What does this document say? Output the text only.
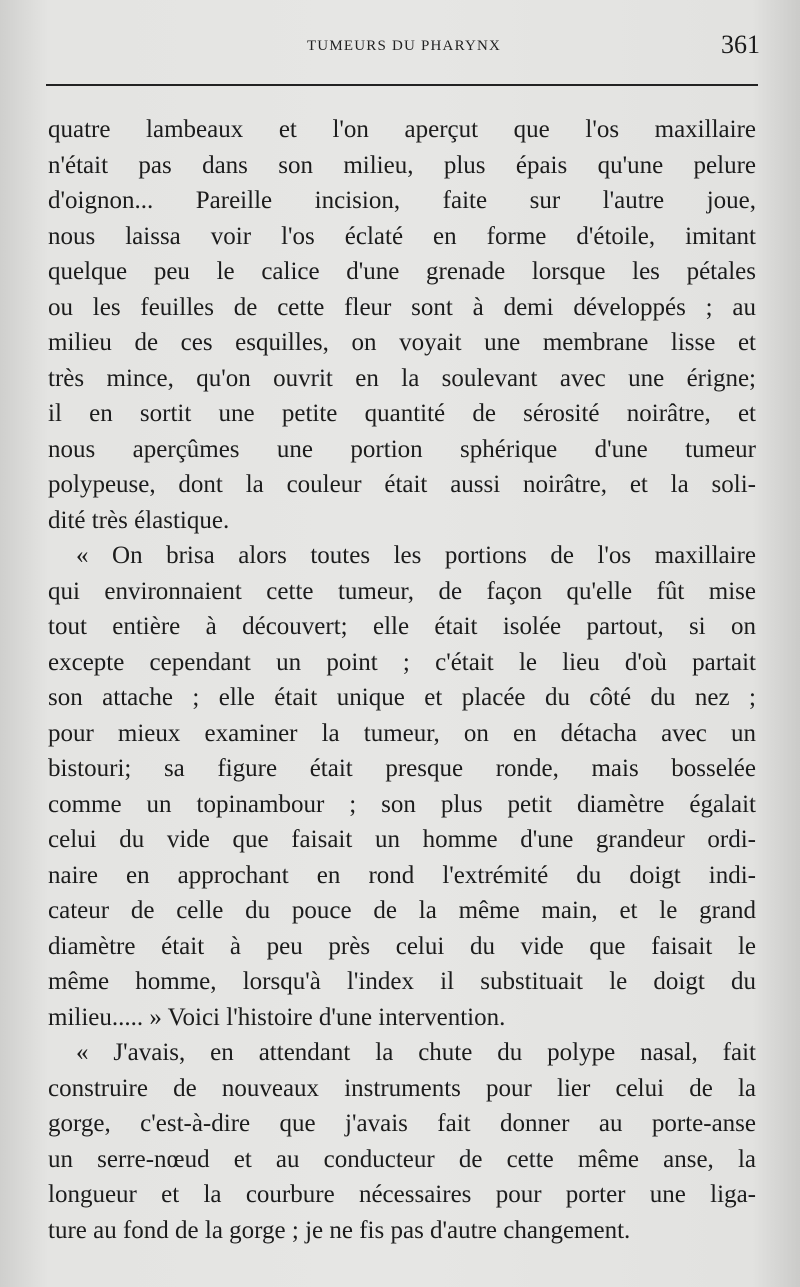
TUMEURS DU PHARYNX	361
quatre lambeaux et l'on aperçut que l'os maxillaire
n'était pas dans son milieu, plus épais qu'une pelure
d'oignon... Pareille incision, faite sur l'autre joue,
nous laissa voir l'os éclaté en forme d'étoile, imitant
quelque peu le calice d'une grenade lorsque les pétales
ou les feuilles de cette fleur sont à demi développés ; au
milieu de ces esquilles, on voyait une membrane lisse et
très mince, qu'on ouvrit en la soulevant avec une érigne;
il en sortit une petite quantité de sérosité noirâtre, et
nous aperçûmes une portion sphérique d'une tumeur
polypeuse, dont la couleur était aussi noirâtre, et la soli-
dité très élastique.
« On brisa alors toutes les portions de l'os maxillaire
qui environnaient cette tumeur, de façon qu'elle fût mise
tout entière à découvert; elle était isolée partout, si on
excepte cependant un point ; c'était le lieu d'où partait
son attache ; elle était unique et placée du côté du nez ;
pour mieux examiner la tumeur, on en détacha avec un
bistouri; sa figure était presque ronde, mais bosselée
comme un topinambour ; son plus petit diamètre égalait
celui du vide que faisait un homme d'une grandeur ordi-
naire en approchant en rond l'extrémité du doigt indi-
cateur de celle du pouce de la même main, et le grand
diamètre était à peu près celui du vide que faisait le
même homme, lorsqu'à l'index il substituait le doigt du
milieu..... » Voici l'histoire d'une intervention.
« J'avais, en attendant la chute du polype nasal, fait
construire de nouveaux instruments pour lier celui de la
gorge, c'est-à-dire que j'avais fait donner au porte-anse
un serre-nœud et au conducteur de cette même anse, la
longueur et la courbure nécessaires pour porter une liga-
ture au fond de la gorge ; je ne fis pas d'autre changement.
